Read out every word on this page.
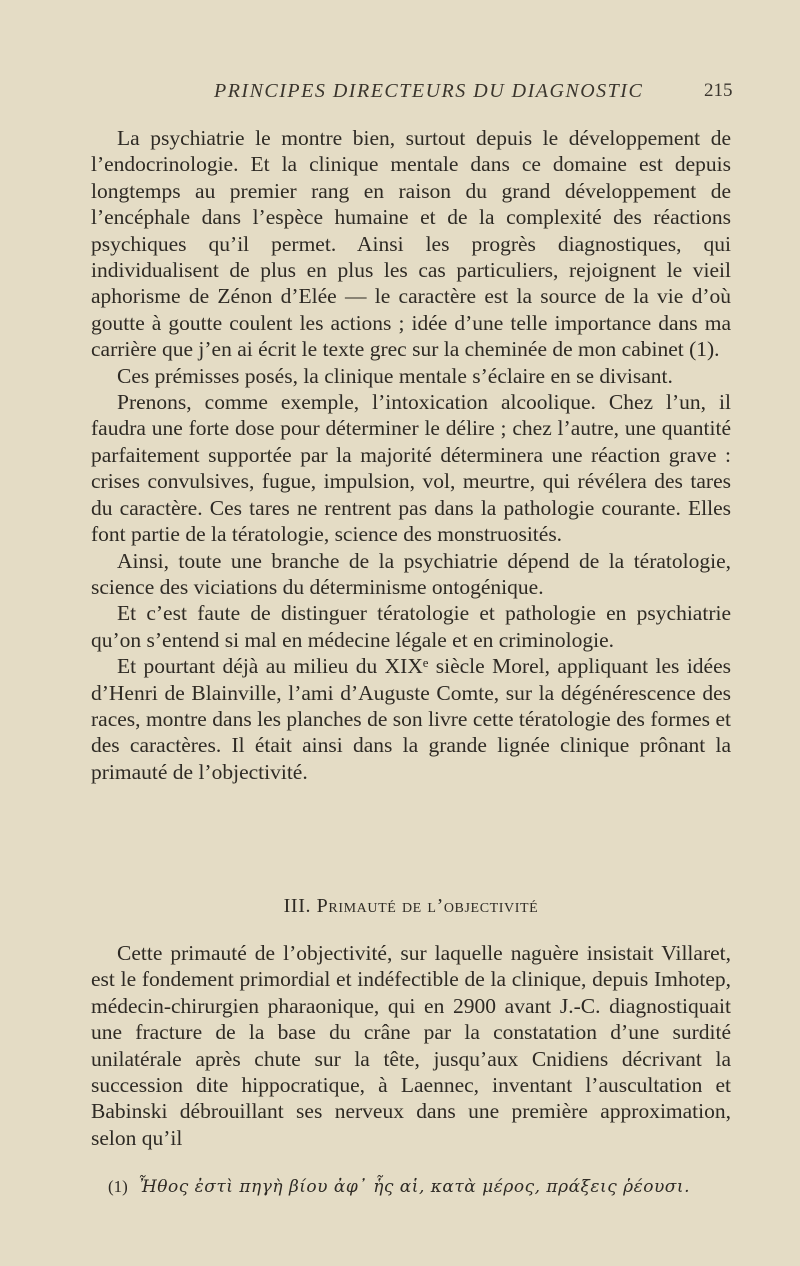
PRINCIPES DIRECTEURS DU DIAGNOSTIC	215

La psychiatrie le montre bien, surtout depuis le développement de l’endocrinologie. Et la clinique mentale dans ce domaine est depuis longtemps au premier rang en raison du grand développement de l’encéphale dans l’espèce humaine et de la complexité des réactions psychiques qu’il permet. Ainsi les progrès diagnostiques, qui individualisent de plus en plus les cas particuliers, rejoignent le vieil aphorisme de Zénon d’Elée — le caractère est la source de la vie d’où goutte à goutte coulent les actions ; idée d’une telle importance dans ma carrière que j’en ai écrit le texte grec sur la cheminée de mon cabinet (1).

Ces prémisses posés, la clinique mentale s’éclaire en se divisant.

Prenons, comme exemple, l’intoxication alcoolique. Chez l’un, il faudra une forte dose pour déterminer le délire ; chez l’autre, une quantité parfaitement supportée par la majorité déterminera une réaction grave : crises convulsives, fugue, impulsion, vol, meurtre, qui révélera des tares du caractère. Ces tares ne rentrent pas dans la pathologie courante. Elles font partie de la tératologie, science des monstruosités.

Ainsi, toute une branche de la psychiatrie dépend de la tératologie, science des viciations du déterminisme ontogénique.

Et c’est faute de distinguer tératologie et pathologie en psychiatrie qu’on s’entend si mal en médecine légale et en criminologie.

Et pourtant déjà au milieu du XIXᵉ siècle Morel, appliquant les idées d’Henri de Blainville, l’ami d’Auguste Comte, sur la dégénérescence des races, montre dans les planches de son livre cette tératologie des formes et des caractères. Il était ainsi dans la grande lignée clinique prônant la primauté de l’objectivité.

III. Primauté de l’objectivité

Cette primauté de l’objectivité, sur laquelle naguère insistait Villaret, est le fondement primordial et indéfectible de la clinique, depuis Imhotep, médecin-chirurgien pharaonique, qui en 2900 avant J.-C. diagnostiquait une fracture de la base du crâne par la constatation d’une surdité unilatérale après chute sur la tête, jusqu’aux Cnidiens décrivant la succession dite hippocratique, à Laennec, inventant l’auscultation et Babinski débrouillant ses nerveux dans une première approximation, selon qu’il

(1) Ἦθος ἐστὶ πηγὴ βίου ἀφ᾽ ἧς αἱ, κατὰ μέρος, πράξεις ῥέουσι.
